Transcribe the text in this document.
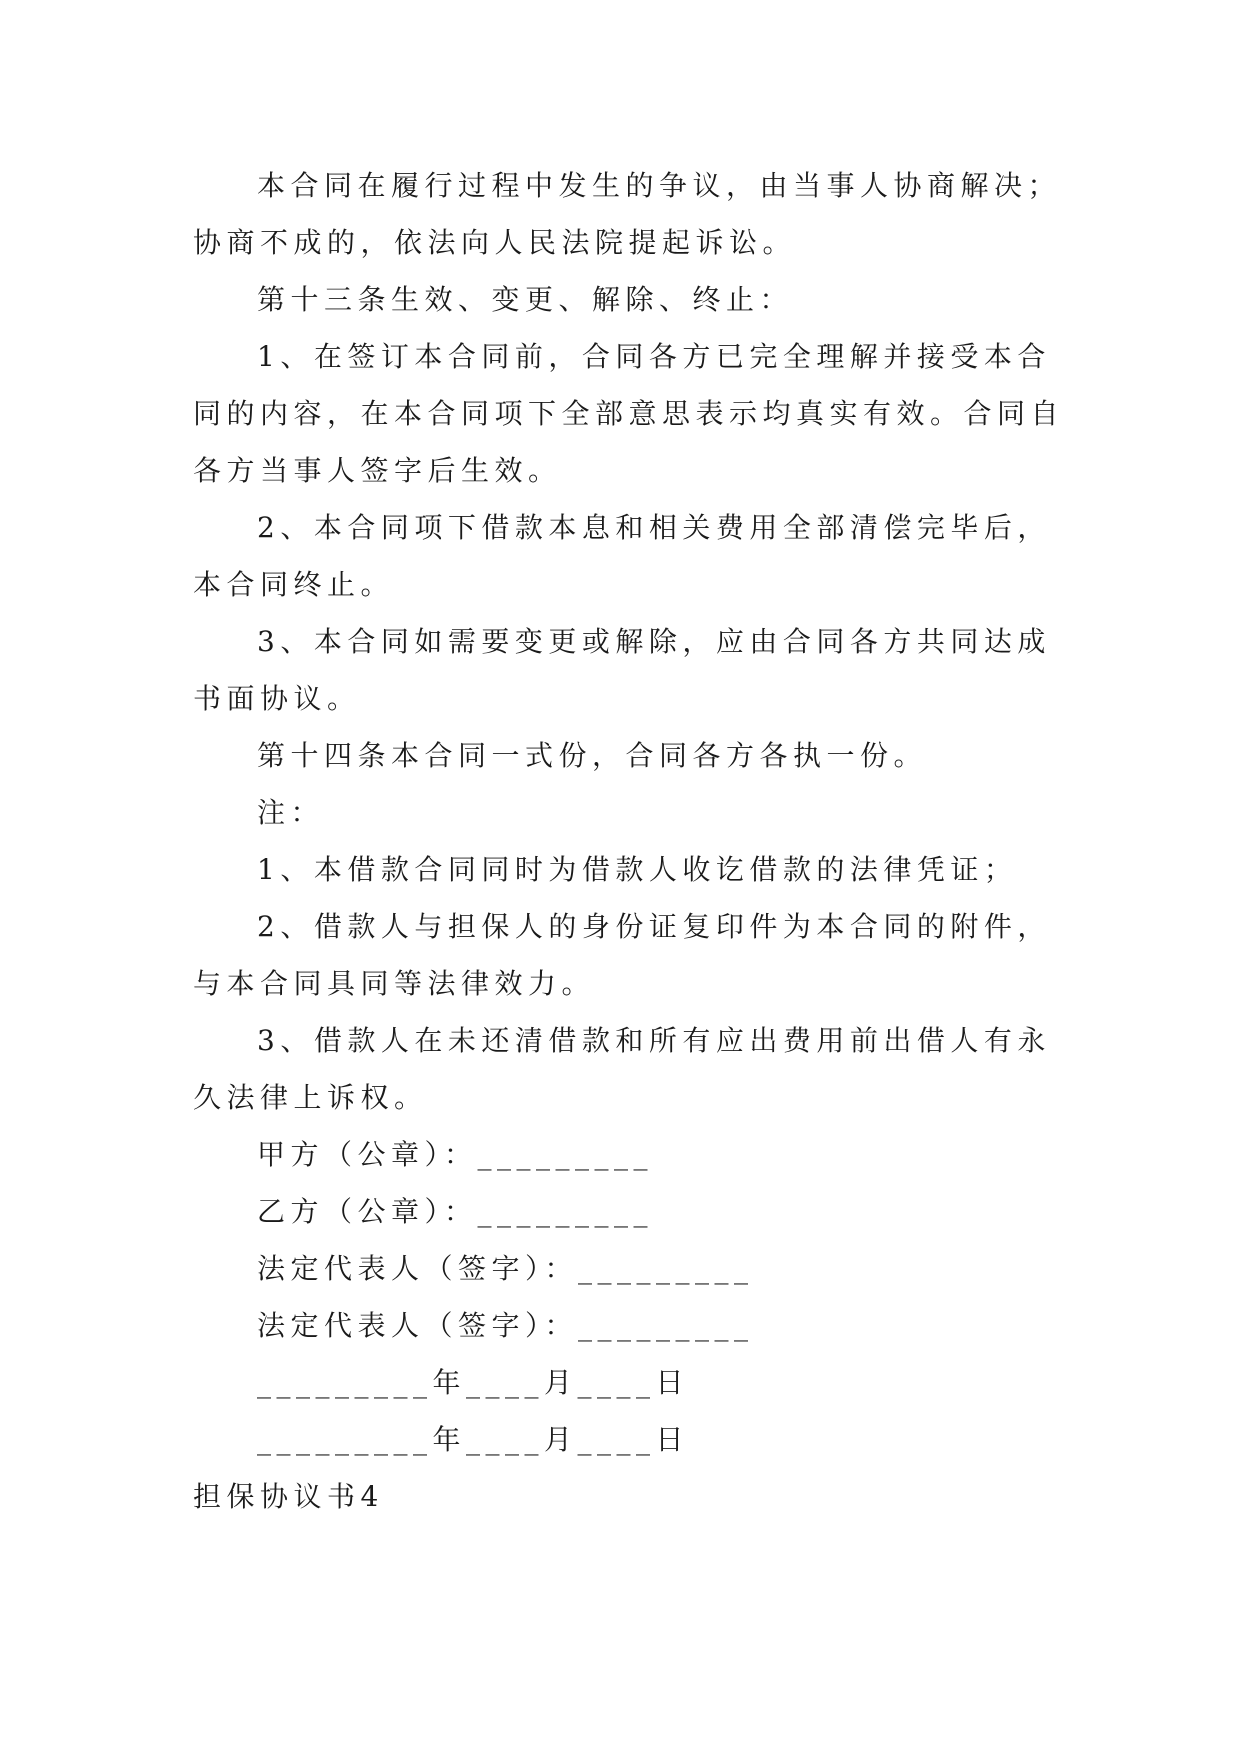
本合同在履行过程中发生的争议，由当事人协商解决；
协商不成的，依法向人民法院提起诉讼。
第十三条生效、变更、解除、终止：
1、在签订本合同前，合同各方已完全理解并接受本合
同的内容，在本合同项下全部意思表示均真实有效。合同自
各方当事人签字后生效。
2、本合同项下借款本息和相关费用全部清偿完毕后，
本合同终止。
3、本合同如需要变更或解除，应由合同各方共同达成
书面协议。
第十四条本合同一式份，合同各方各执一份。
注：
1、本借款合同同时为借款人收讫借款的法律凭证；
2、借款人与担保人的身份证复印件为本合同的附件，
与本合同具同等法律效力。
3、借款人在未还清借款和所有应出费用前出借人有永
久法律上诉权。
甲方（公章）：_________
乙方（公章）：_________
法定代表人（签字）：_________
法定代表人（签字）：_________
_________年____月____日
_________年____月____日
担保协议书4
